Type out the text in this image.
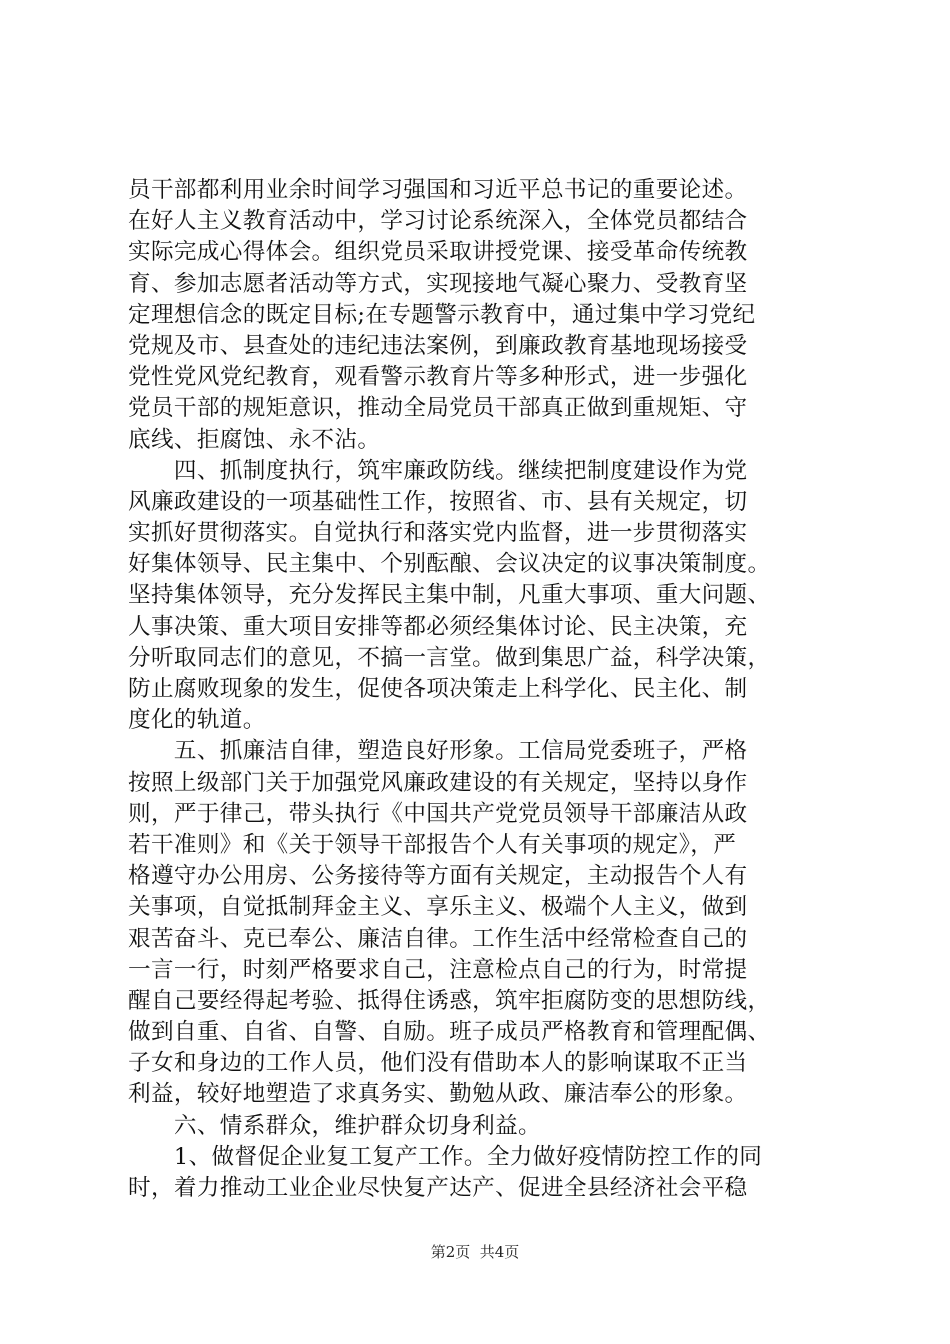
员干部都利用业余时间学习强国和习近平总书记的重要论述。
在好人主义教育活动中，学习讨论系统深入，全体党员都结合
实际完成心得体会。组织党员采取讲授党课、接受革命传统教
育、参加志愿者活动等方式，实现接地气凝心聚力、受教育坚
定理想信念的既定目标;在专题警示教育中，通过集中学习党纪
党规及市、县查处的违纪违法案例，到廉政教育基地现场接受
党性党风党纪教育，观看警示教育片等多种形式，进一步强化
党员干部的规矩意识，推动全局党员干部真正做到重规矩、守
底线、拒腐蚀、永不沾。
　　四、抓制度执行，筑牢廉政防线。继续把制度建设作为党
风廉政建设的一项基础性工作，按照省、市、县有关规定，切
实抓好贯彻落实。自觉执行和落实党内监督，进一步贯彻落实
好集体领导、民主集中、个别酝酿、会议决定的议事决策制度。
坚持集体领导，充分发挥民主集中制，凡重大事项、重大问题、
人事决策、重大项目安排等都必须经集体讨论、民主决策，充
分听取同志们的意见，不搞一言堂。做到集思广益，科学决策，
防止腐败现象的发生，促使各项决策走上科学化、民主化、制
度化的轨道。
　　五、抓廉洁自律，塑造良好形象。工信局党委班子，严格
按照上级部门关于加强党风廉政建设的有关规定，坚持以身作
则，严于律己，带头执行《中国共产党党员领导干部廉洁从政
若干准则》和《关于领导干部报告个人有关事项的规定》，严
格遵守办公用房、公务接待等方面有关规定，主动报告个人有
关事项，自觉抵制拜金主义、享乐主义、极端个人主义，做到
艰苦奋斗、克已奉公、廉洁自律。工作生活中经常检查自己的
一言一行，时刻严格要求自己，注意检点自己的行为，时常提
醒自己要经得起考验、抵得住诱惑，筑牢拒腐防变的思想防线，
做到自重、自省、自警、自励。班子成员严格教育和管理配偶、
子女和身边的工作人员，他们没有借助本人的影响谋取不正当
利益，较好地塑造了求真务实、勤勉从政、廉洁奉公的形象。
　　六、情系群众，维护群众切身利益。
　　1、做督促企业复工复产工作。全力做好疫情防控工作的同
时，着力推动工业企业尽快复产达产、促进全县经济社会平稳
第2页  共4页
